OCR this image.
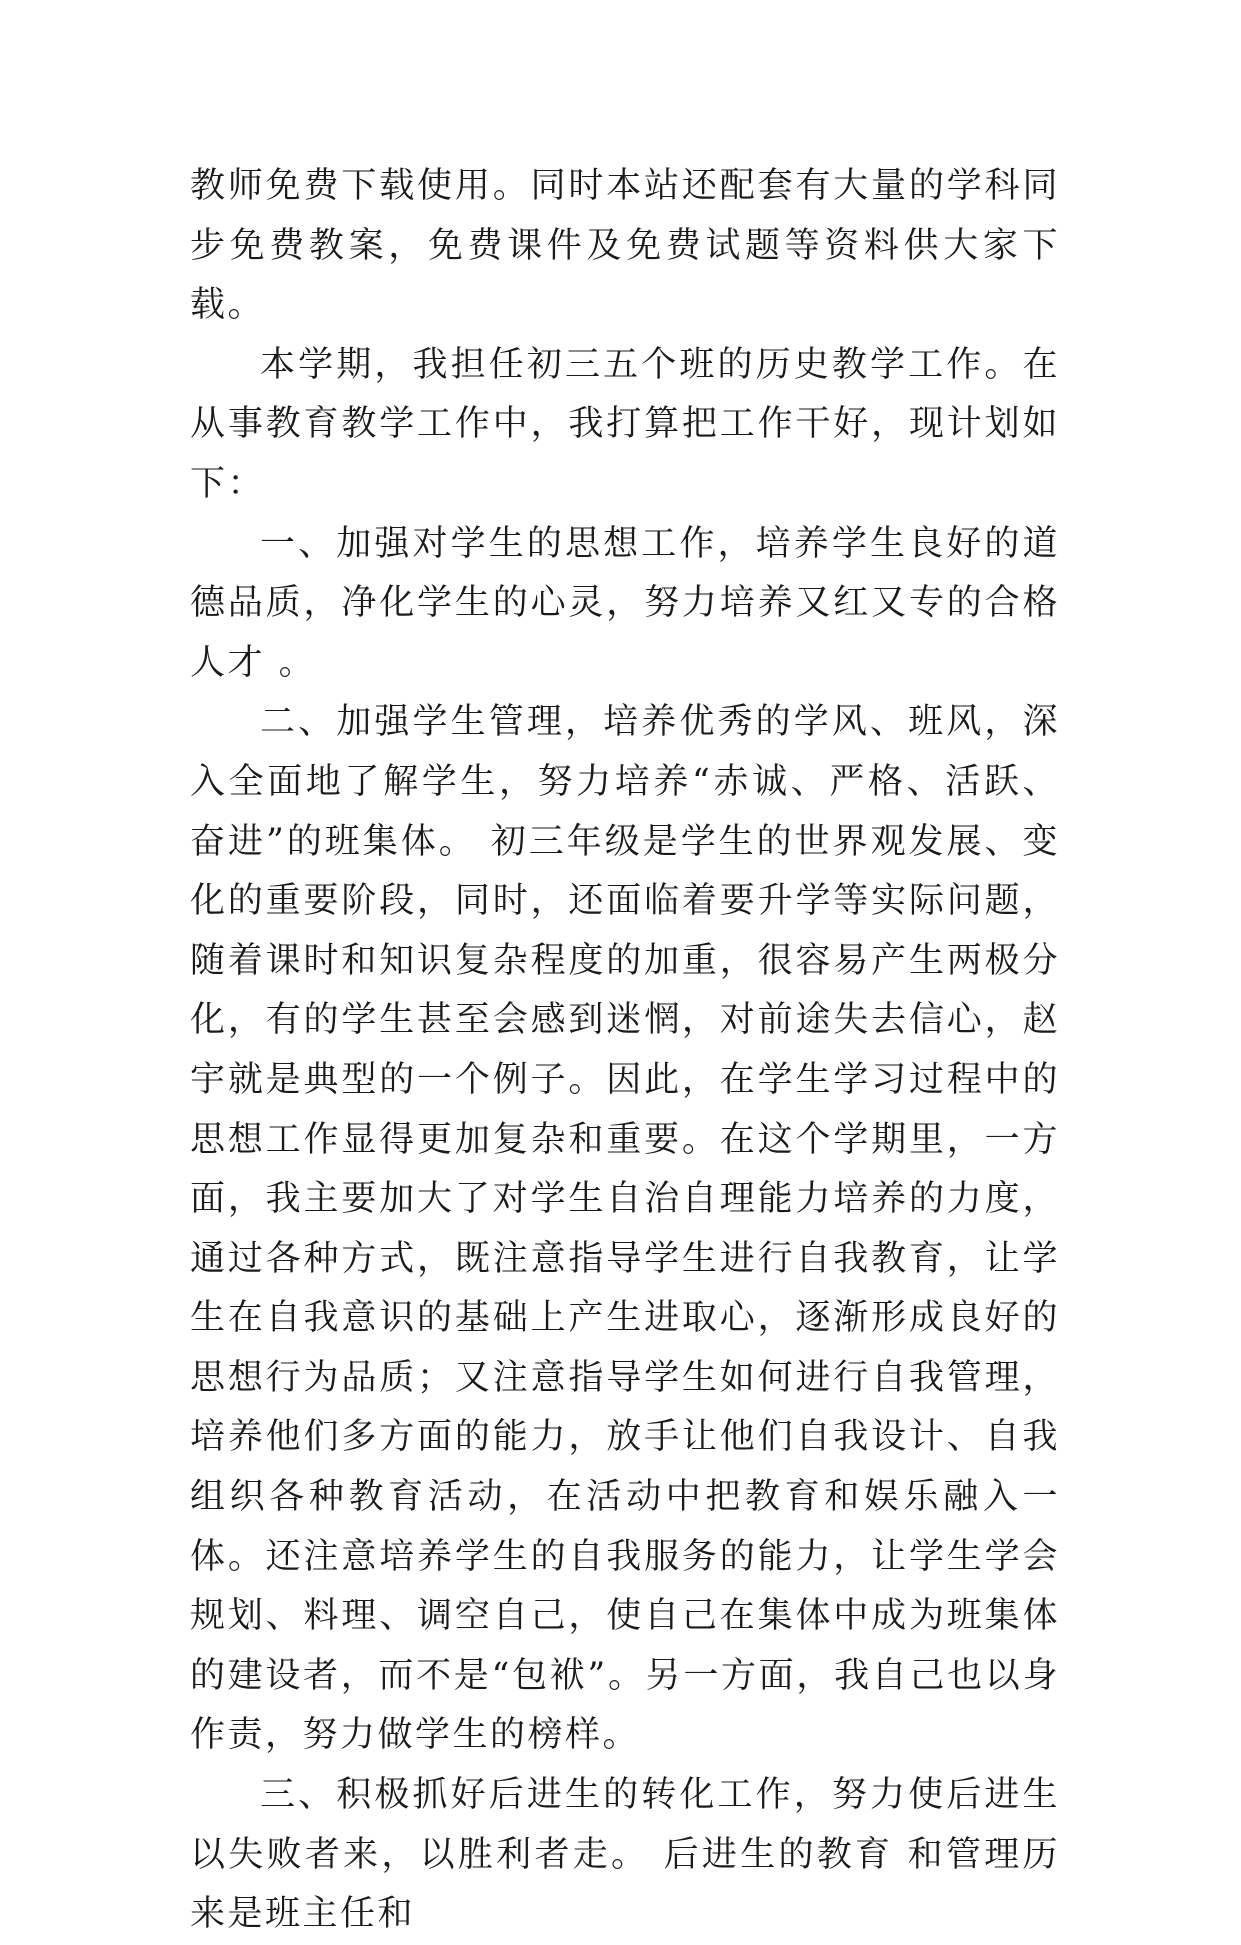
教师免费下载使用。同时本站还配套有大量的学科同步免费教案，免费课件及免费试题等资料供大家下载。

本学期，我担任初三五个班的历史教学工作。在从事教育教学工作中，我打算把工作干好，现计划如下：

一、加强对学生的思想工作，培养学生良好的道德品质，净化学生的心灵，努力培养又红又专的合格人才 。

二、加强学生管理，培养优秀的学风、班风，深入全面地了解学生，努力培养“赤诚、严格、活跃、奋进”的班集体。 初三年级是学生的世界观发展、变化的重要阶段，同时，还面临着要升学等实际问题，随着课时和知识复杂程度的加重，很容易产生两极分化，有的学生甚至会感到迷惘，对前途失去信心，赵宇就是典型的一个例子。因此，在学生学习过程中的思想工作显得更加复杂和重要。在这个学期里，一方面，我主要加大了对学生自治自理能力培养的力度，通过各种方式，既注意指导学生进行自我教育，让学生在自我意识的基础上产生进取心，逐渐形成良好的思想行为品质；又注意指导学生如何进行自我管理，培养他们多方面的能力，放手让他们自我设计、自我组织各种教育活动，在活动中把教育和娱乐融入一体。还注意培养学生的自我服务的能力，让学生学会规划、料理、调空自己，使自己在集体中成为班集体的建设者，而不是“包袱”。另一方面，我自己也以身作责，努力做学生的榜样。

三、积极抓好后进生的转化工作，努力使后进生以失败者来，以胜利者走。 后进生的教育 和管理历来是班主任和
